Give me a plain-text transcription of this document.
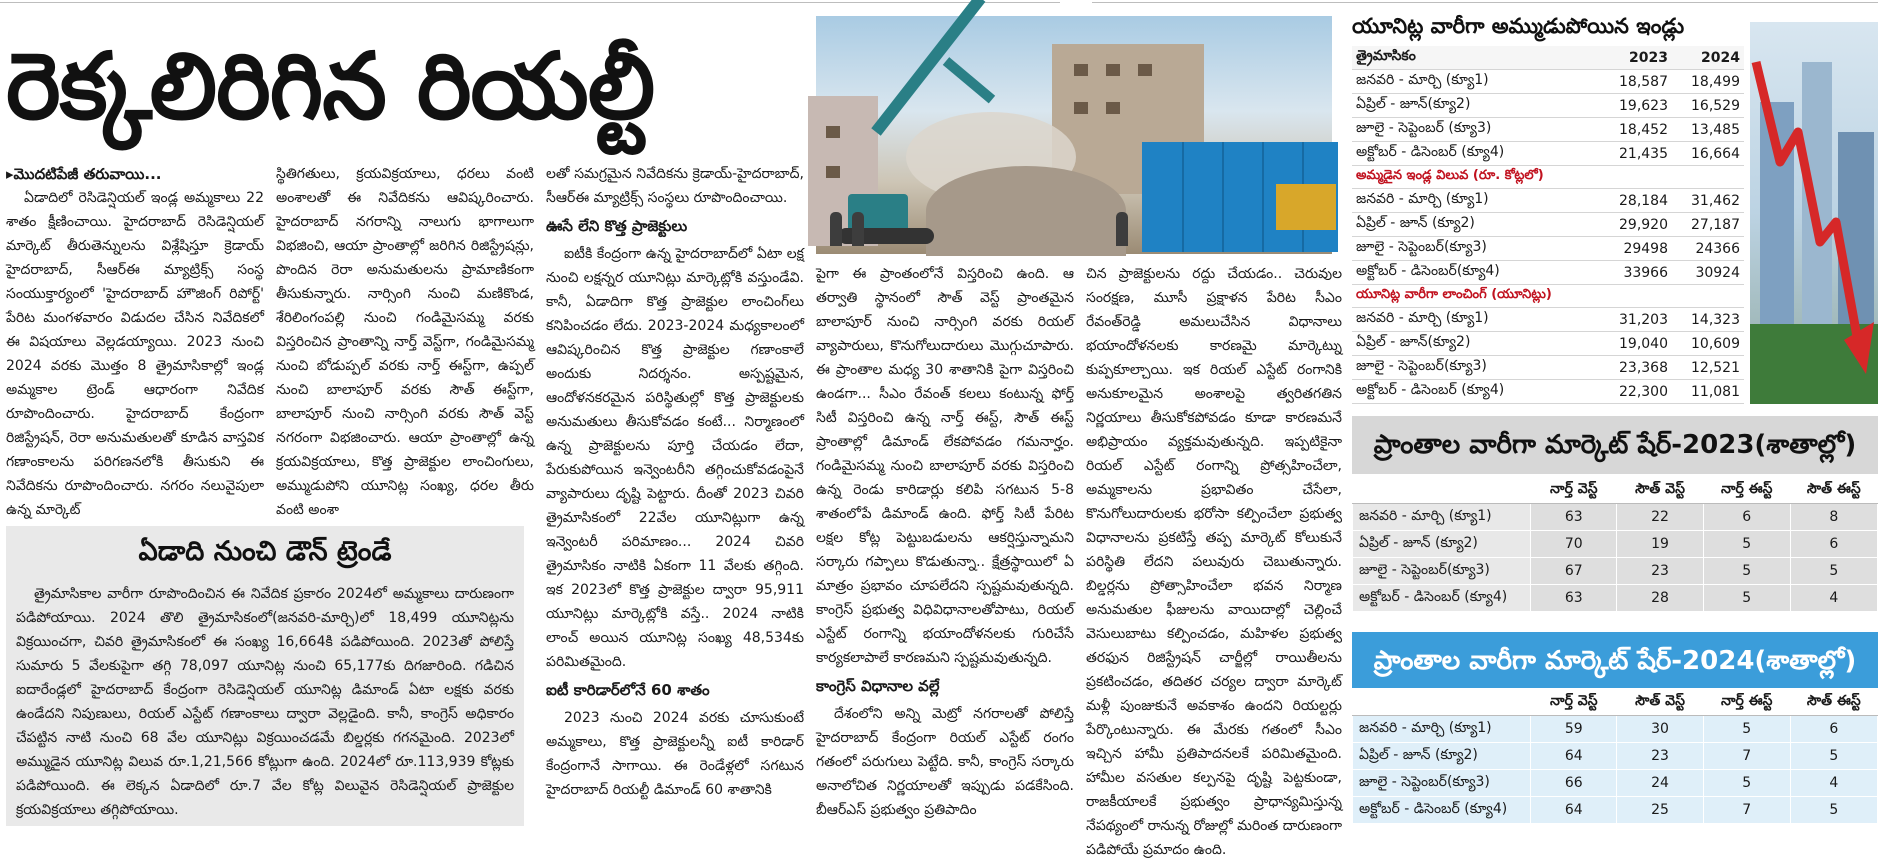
రెక్కలిరిగిన రియల్టీ

▸ మొదటిపేజీ తరువాయి...

ఏడాదిలో రెసిడెన్షియల్ ఇండ్ల అమ్మకాలు 22 శాతం క్షీణించాయి. హైదరాబాద్ రెసిడెన్షియల్ మార్కెట్ తీరుతెన్నులను విశ్లేషిస్తూ క్రెడాయ్ హైదరాబాద్, సీఆర్ఈ మ్యాట్రిక్స్ సంస్థ సంయుక్తార్యంలో 'హైదరాబాద్ హౌజింగ్ రిపోర్ట్' పేరిట మంగళవారం విడుదల చేసిన నివేదికలో ఈ విషయాలు వెల్లడయ్యాయి. 2023 నుంచి 2024 వరకు మొత్తం 8 త్రైమాసికాల్లో ఇండ్ల అమ్మకాల ట్రెండ్ ఆధారంగా నివేదిక రూపొందించారు. హైదరాబాద్ కేంద్రంగా రిజిస్ట్రేషన్, రెరా అనుమతులతో కూడిన వాస్తవిక గణాంకాలను పరిగణనలోకి తీసుకుని ఈ నివేదికను రూపొందించారు. నగరం నలువైపులా ఉన్న మార్కెట్

స్థితిగతులు, క్రయవిక్రయాలు, ధరలు వంటి అంశాలతో ఈ నివేదికను ఆవిష్కరించారు. హైదరాబాద్ నగరాన్ని నాలుగు భాగాలుగా విభజించి, ఆయా ప్రాంతాల్లో జరిగిన రిజిస్ట్రేషన్లు, పొందిన రెరా అనుమతులను ప్రామాణికంగా తీసుకున్నారు. నార్సింగి నుంచి మణికొండ, శేరిలింగంపల్లి నుంచి గండిమైసమ్మ వరకు విస్తరించిన ప్రాంతాన్ని నార్త్ వెస్ట్‌గా, గండిమైసమ్మ నుంచి బోడుప్పల్ వరకు నార్త్ ఈస్ట్‌గా, ఉప్పల్ నుంచి బాలాపూర్ వరకు సౌత్ ఈస్ట్‌గా, బాలాపూర్ నుంచి నార్సింగి వరకు సౌత్ వెస్ట్ నగరంగా విభజించారు. ఆయా ప్రాంతాల్లో ఉన్న క్రయవిక్రయాలు, కొత్త ప్రాజెక్టుల లాంచింగులు, అమ్ముడుపోని యూనిట్ల సంఖ్య, ధరల తీరు వంటి అంశా

లతో సమగ్రమైన నివేదికను క్రెడాయ్-హైదరాబాద్, సీఆర్ఈ మ్యాట్రిక్స్ సంస్థలు రూపొందించాయి.

ఊసే లేని కొత్త ప్రాజెక్టులు

ఐటీకి కేంద్రంగా ఉన్న హైదరాబాద్‌లో ఏటా లక్ష నుంచి లక్షన్నర యూనిట్లు మార్కెట్లోకి వస్తుండేవి. కానీ, ఏడాదిగా కొత్త ప్రాజెక్టుల లాంచింగ్‌లు కనిపించడం లేదు. 2023-2024 మధ్యకాలంలో ఆవిష్కరించిన కొత్త ప్రాజెక్టుల గణాంకాలే అందుకు నిదర్శనం. అస్పష్టమైన, ఆందోళనకరమైన పరిస్థితుల్లో కొత్త ప్రాజెక్టులకు అనుమతులు తీసుకోవడం కంటే... నిర్మాణంలో ఉన్న ప్రాజెక్టులను పూర్తి చేయడం లేదా, పేరుకుపోయిన ఇన్వెంటరీని తగ్గించుకోవడంపైనే వ్యాపారులు దృష్టి పెట్టారు. దీంతో 2023 చివరి త్రైమాసికంలో 22వేల యూనిట్లుగా ఉన్న ఇన్వెంటరీ పరిమాణం... 2024 చివరి త్రైమాసికం నాటికి ఏకంగా 11 వేలకు తగ్గింది. ఇక 2023లో కొత్త ప్రాజెక్టుల ద్వారా 95,911 యూనిట్లు మార్కెట్లోకి వస్తే.. 2024 నాటికి లాంచ్ అయిన యూనిట్ల సంఖ్య 48,534కు పరిమితమైంది.

ఐటీ కారిడార్‌లోనే 60 శాతం

2023 నుంచి 2024 వరకు చూసుకుంటే అమ్మకాలు, కొత్త ప్రాజెక్టులన్నీ ఐటీ కారిడార్ కేంద్రంగానే సాగాయి. ఈ రెండేళ్లలో సగటున హైదరాబాద్ రియల్టీ డిమాండ్ 60 శాతానికి

పైగా ఈ ప్రాంతంలోనే విస్తరించి ఉంది. ఆ తర్వాతి స్థానంలో సౌత్ వెస్ట్ ప్రాంతమైన బాలాపూర్ నుంచి నార్సింగి వరకు రియల్ వ్యాపారులు, కొనుగోలుదారులు మొగ్గుచూపారు. ఈ ప్రాంతాల మధ్య 30 శాతానికి పైగా విస్తరించి ఉండగా... సీఎం రేవంత్ కలలు కంటున్న ఫోర్త్ సిటీ విస్తరించి ఉన్న నార్త్ ఈస్ట్, సౌత్ ఈస్ట్ ప్రాంతాల్లో డిమాండ్ లేకపోవడం గమనార్హం. గండిమైసమ్మ నుంచి బాలాపూర్ వరకు విస్తరించి ఉన్న రెండు కారిడార్లు కలిపి సగటున 5-8 శాతంలోపే డిమాండ్ ఉంది. ఫోర్త్ సిటీ పేరిట లక్షల కోట్ల పెట్టుబడులను ఆకర్షిస్తున్నామని సర్కారు గప్పాలు కొడుతున్నా.. క్షేత్రస్థాయిలో ఏ మాత్రం ప్రభావం చూపలేదని స్పష్టమవుతున్నది. కాంగ్రెస్ ప్రభుత్వ విధివిధానాలతోపాటు, రియల్ ఎస్టేట్ రంగాన్ని భయాందోళనలకు గురిచేసే కార్యకలాపాలే కారణమని స్పష్టమవుతున్నది.

కాంగ్రెస్ విధానాల వల్లే

దేశంలోని అన్ని మెట్రో నగరాలతో పోలిస్తే హైదరాబాద్ కేంద్రంగా రియల్ ఎస్టేట్ రంగం గతంలో పరుగులు పెట్టేది. కానీ, కాంగ్రెస్ సర్కారు అనాలోచిత నిర్ణయాలతో ఇప్పుడు పడకేసింది. బీఆర్ఎస్ ప్రభుత్వం ప్రతిపాదిం

చిన ప్రాజెక్టులను రద్దు చేయడం.. చెరువుల సంరక్షణ, మూసీ ప్రక్షాళన పేరిట సీఎం రేవంత్‌రెడ్డి అమలుచేసిన విధానాలు భయాందోళనలకు కారణమై మార్కెట్ను కుప్పకూల్చాయి. ఇక రియల్ ఎస్టేట్ రంగానికి అనుకూలమైన అంశాలపై త్వరితగతిన నిర్ణయాలు తీసుకోకపోవడం కూడా కారణమనే అభిప్రాయం వ్యక్తమవుతున్నది. ఇప్పటికైనా రియల్ ఎస్టేట్ రంగాన్ని ప్రోత్సహించేలా, అమ్మకాలను ప్రభావితం చేసేలా, కొనుగోలుదారులకు భరోసా కల్పించేలా ప్రభుత్వ విధానాలను ప్రకటిస్తే తప్ప మార్కెట్ కోలుకునే పరిస్థితి లేదని పలువురు చెబుతున్నారు. బిల్డర్లను ప్రోత్సాహించేలా భవన నిర్మాణ అనుమతుల ఫీజులను వాయిదాల్లో చెల్లించే వెసులుబాటు కల్పించడం, మహిళల ప్రభుత్వ తరఫున రిజిస్ట్రేషన్ చార్జీల్లో రాయితీలను ప్రకటించడం, తదితర చర్యల ద్వారా మార్కెట్ మళ్లీ పుంజుకునే అవకాశం ఉందని రియల్టర్లు పేర్కొంటున్నారు. ఈ మేరకు గతంలో సీఎం ఇచ్చిన హామీ ప్రతిపాదనలకే పరిమితమైంది. హామీల వసతుల కల్పనపై దృష్టి పెట్టకుండా, రాజకీయాలకే ప్రభుత్వం ప్రాధాన్యమిస్తున్న నేపథ్యంలో రానున్న రోజుల్లో మరింత దారుణంగా పడిపోయే ప్రమాదం ఉంది.

ఏడాది నుంచి డౌన్ ట్రెండే

త్రైమాసికాల వారీగా రూపొందించిన ఈ నివేదిక ప్రకారం 2024లో అమ్మకాలు దారుణంగా పడిపోయాయి. 2024 తొలి త్రైమాసికంలో(జనవరి-మార్చి)లో 18,499 యూనిట్లను విక్రయించగా, చివరి త్రైమాసికంలో ఈ సంఖ్య 16,664కి పడిపోయింది. 2023తో పోలిస్తే సుమారు 5 వేలకుపైగా తగ్గి 78,097 యూనిట్ల నుంచి 65,177కు దిగజారింది. గడిచిన ఐదారేండ్లలో హైదరాబాద్ కేంద్రంగా రెసిడెన్షియల్ యూనిట్ల డిమాండ్ ఏటా లక్షకు వరకు ఉండేదని నిపుణులు, రియల్ ఎస్టేట్ గణాంకాలు ద్వారా వెల్లడైంది. కానీ, కాంగ్రెస్ అధికారం చేపట్టిన నాటి నుంచి 68 వేల యూనిట్లు విక్రయించడమే బిల్డర్లకు గగనమైంది. 2023లో అమ్ముడైన యూనిట్ల విలువ రూ.1,21,566 కోట్లుగా ఉంది. 2024లో రూ.113,939 కోట్లకు పడిపోయింది. ఈ లెక్కన ఏడాదిలో రూ.7 వేల కోట్ల విలువైన రెసిడెన్షియల్ ప్రాజెక్టుల క్రయవిక్రయాలు తగ్గిపోయాయి.

యూనిట్ల వారీగా అమ్ముడుపోయిన ఇండ్లు
త్రైమాసికం	2023	2024
జనవరి - మార్చి (క్యూ1)	18,587	18,499
ఏప్రిల్ - జూన్(క్యూ2)	19,623	16,529
జూలై - సెప్టెంబర్ (క్యూ3)	18,452	13,485
అక్టోబర్ - డిసెంబర్ (క్యూ4)	21,435	16,664
అమ్మడైన ఇండ్ల విలువ (రూ. కోట్లలో)		
జనవరి - మార్చి (క్యూ1)	28,184	31,462
ఏప్రిల్ - జూన్ (క్యూ2)	29,920	27,187
జూలై - సెప్టెంబర్(క్యూ3)	29498	24366
అక్టోబర్ - డిసెంబర్(క్యూ4)	33966	30924
యూనిట్ల వారీగా లాంచింగ్ (యూనిట్లు)		
జనవరి - మార్చి (క్యూ1)	31,203	14,323
ఏప్రిల్ - జూన్(క్యూ2)	19,040	10,609
జూలై - సెప్టెంబర్(క్యూ3)	23,368	12,521
అక్టోబర్ - డిసెంబర్ (క్యూ4)	22,300	11,081
ప్రాంతాల వారీగా మార్కెట్ షేర్-2023(శాతాల్లో)
	నార్త్ వెస్ట్	సౌత్ వెస్ట్	నార్త్ ఈస్ట్	సౌత్ ఈస్ట్
జనవరి - మార్చి (క్యూ1)	63	22	6	8
ఏప్రిల్ - జూన్ (క్యూ2)	70	19	5	6
జూలై - సెప్టెంబర్(క్యూ3)	67	23	5	5
అక్టోబర్ - డిసెంబర్ (క్యూ4)	63	28	5	4
ప్రాంతాల వారీగా మార్కెట్ షేర్-2024(శాతాల్లో)
	నార్త్ వెస్ట్	సౌత్ వెస్ట్	నార్త్ ఈస్ట్	సౌత్ ఈస్ట్
జనవరి - మార్చి (క్యూ1)	59	30	5	6
ఏప్రిల్ - జూన్ (క్యూ2)	64	23	7	5
జూలై - సెప్టెంబర్(క్యూ3)	66	24	5	4
అక్టోబర్ - డిసెంబర్ (క్యూ4)	64	25	7	5
